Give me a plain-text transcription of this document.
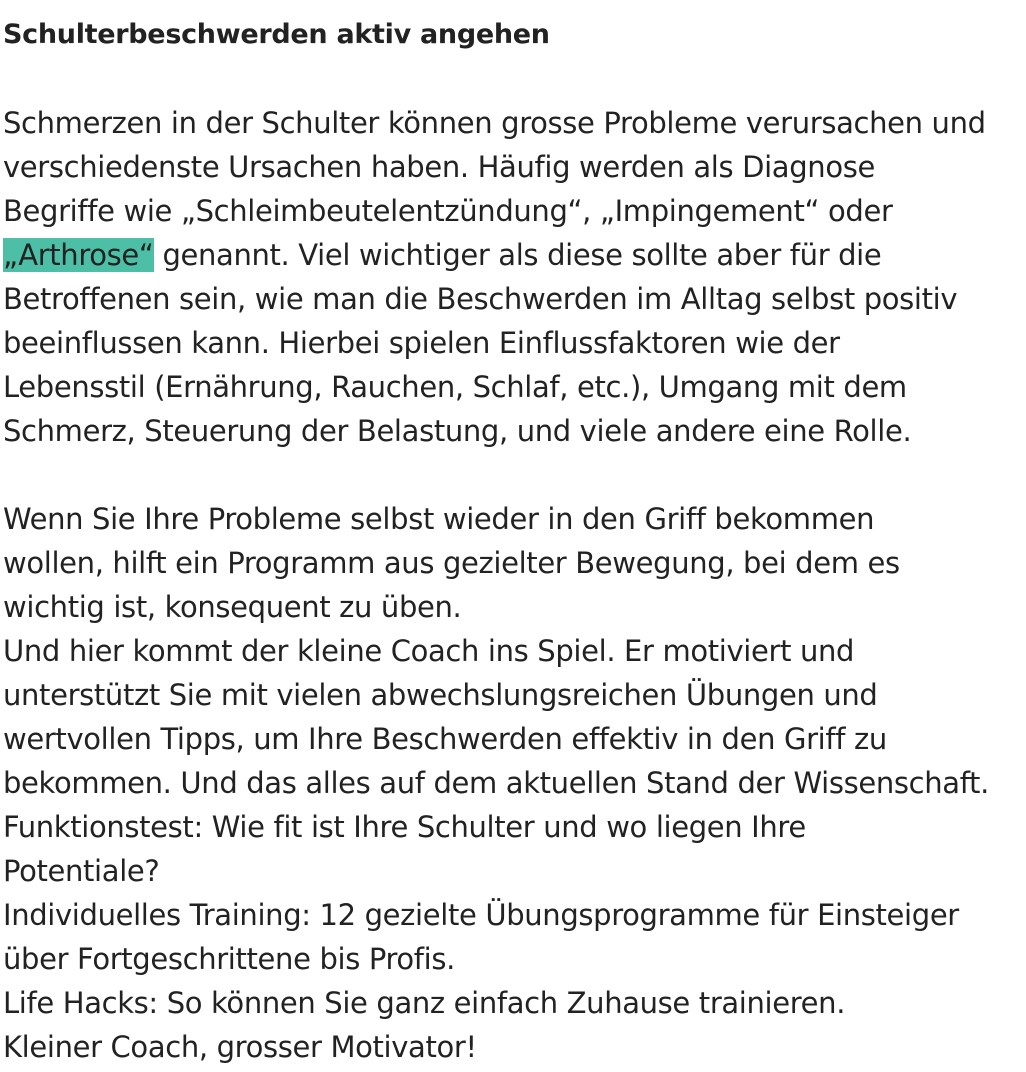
Schulterbeschwerden aktiv angehen

Schmerzen in der Schulter können grosse Probleme verursachen und
verschiedenste Ursachen haben. Häufig werden als Diagnose
Begriffe wie „Schleimbeutelentzündung“, „Impingement“ oder
„Arthrose“ genannt. Viel wichtiger als diese sollte aber für die
Betroffenen sein, wie man die Beschwerden im Alltag selbst positiv
beeinflussen kann. Hierbei spielen Einflussfaktoren wie der
Lebensstil (Ernährung, Rauchen, Schlaf, etc.), Umgang mit dem
Schmerz, Steuerung der Belastung, und viele andere eine Rolle.

Wenn Sie Ihre Probleme selbst wieder in den Griff bekommen
wollen, hilft ein Programm aus gezielter Bewegung, bei dem es
wichtig ist, konsequent zu üben.
Und hier kommt der kleine Coach ins Spiel. Er motiviert und
unterstützt Sie mit vielen abwechslungsreichen Übungen und
wertvollen Tipps, um Ihre Beschwerden effektiv in den Griff zu
bekommen. Und das alles auf dem aktuellen Stand der Wissenschaft.
Funktionstest: Wie fit ist Ihre Schulter und wo liegen Ihre
Potentiale?
Individuelles Training: 12 gezielte Übungsprogramme für Einsteiger
über Fortgeschrittene bis Profis.
Life Hacks: So können Sie ganz einfach Zuhause trainieren.
Kleiner Coach, grosser Motivator!
